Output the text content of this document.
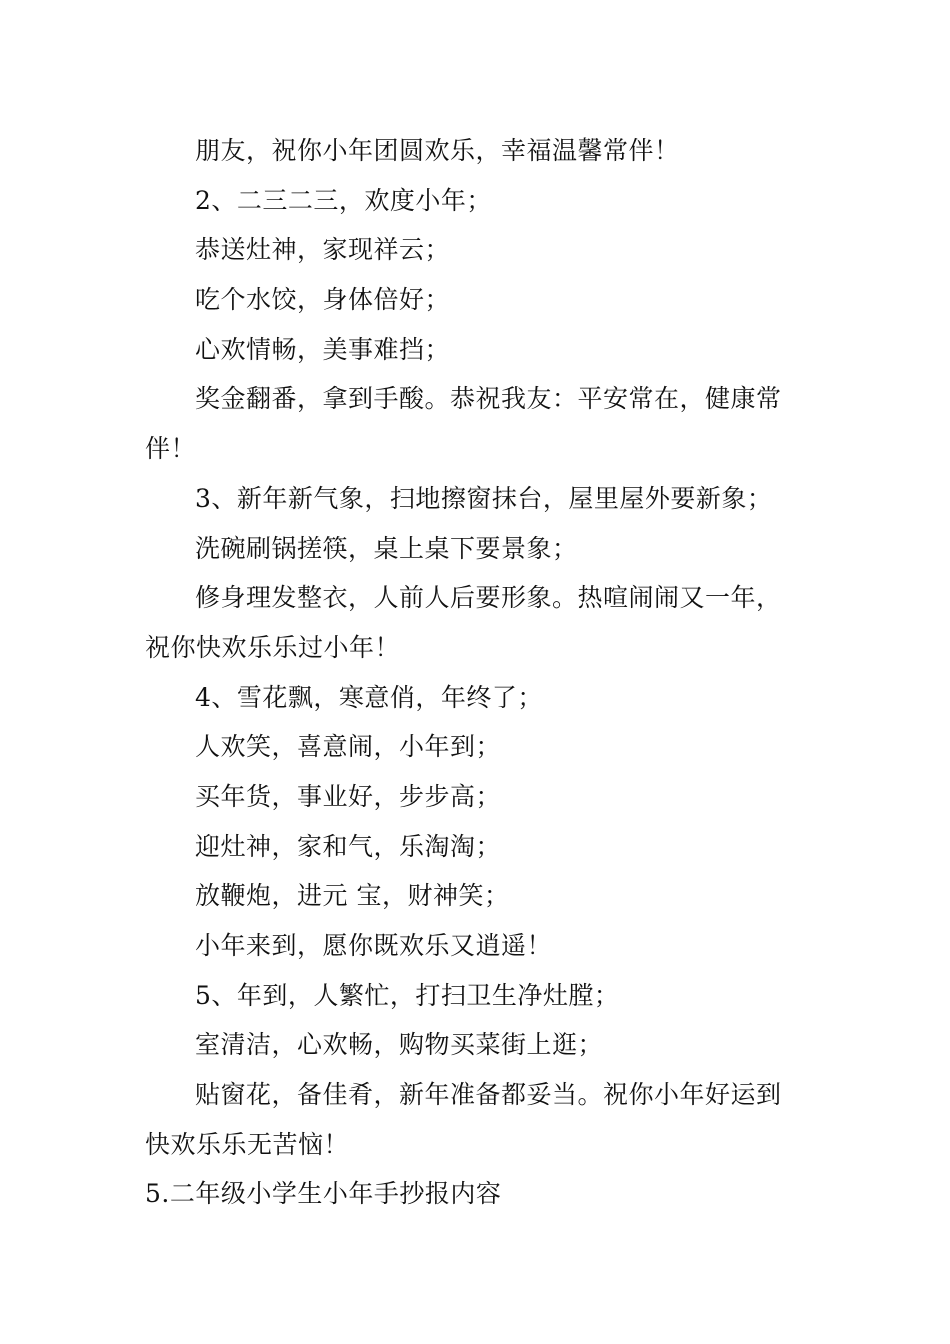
朋友，祝你小年团圆欢乐，幸福温馨常伴！
2、二三二三，欢度小年；
恭送灶神，家现祥云；
吃个水饺，身体倍好；
心欢情畅，美事难挡；
奖金翻番，拿到手酸。恭祝我友：平安常在，健康常
伴！
3、新年新气象，扫地擦窗抹台，屋里屋外要新象；
洗碗刷锅搓筷，桌上桌下要景象；
修身理发整衣，人前人后要形象。热喧闹闹又一年，
祝你快欢乐乐过小年！
4、雪花飘，寒意俏，年终了；
人欢笑，喜意闹，小年到；
买年货，事业好，步步高；
迎灶神，家和气，乐淘淘；
放鞭炮，进元 宝，财神笑；
小年来到，愿你既欢乐又逍遥！
5、年到，人繁忙，打扫卫生净灶膛；
室清洁，心欢畅，购物买菜街上逛；
贴窗花，备佳肴，新年准备都妥当。祝你小年好运到
快欢乐乐无苦恼！
5.二年级小学生小年手抄报内容
